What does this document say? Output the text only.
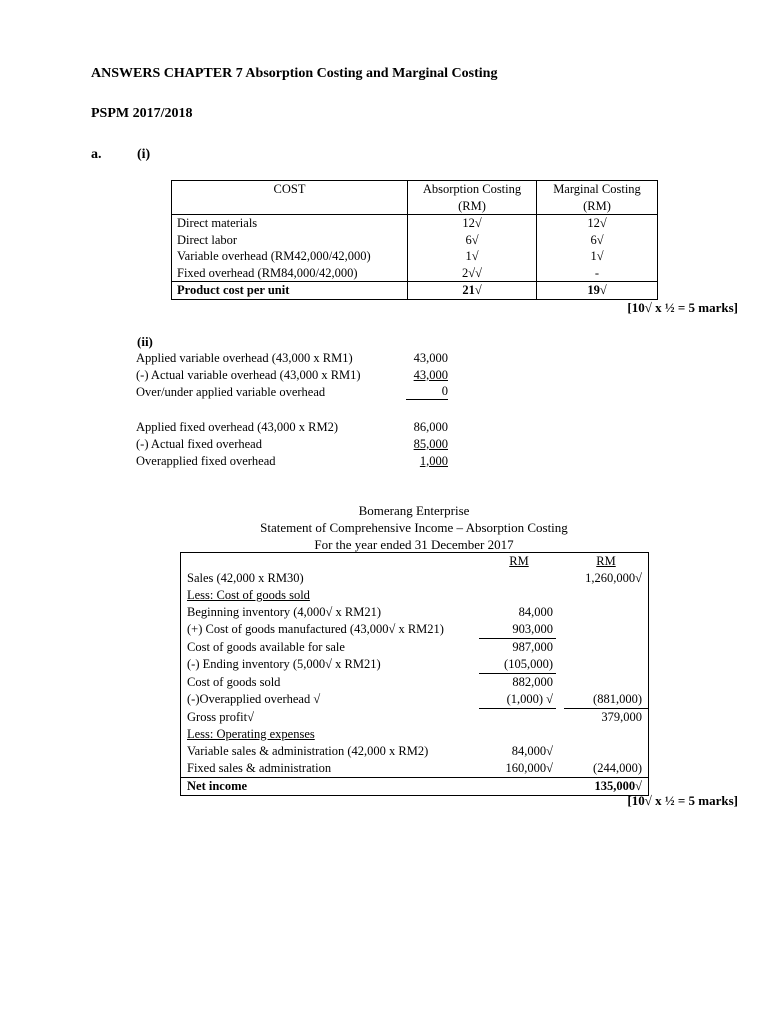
ANSWERS CHAPTER 7 Absorption Costing and Marginal Costing
PSPM 2017/2018
a.	(i)
COST	Absorption Costing (RM)	Marginal Costing (RM)
Direct materials	12√	12√
Direct labor	6√	6√
Variable overhead (RM42,000/42,000)	1√	1√
Fixed overhead (RM84,000/42,000)	2√√	-
Product cost per unit	21√	19√
[10√ x ½ = 5 marks]
(ii)
Applied variable overhead (43,000 x RM1)	43,000
(-) Actual variable overhead (43,000 x RM1)	43,000
Over/under applied variable overhead	0
Applied fixed overhead (43,000 x RM2)	86,000
(-) Actual fixed overhead	85,000
Overapplied fixed overhead	1,000
Bomerang Enterprise
Statement of Comprehensive Income – Absorption Costing
For the year ended 31 December 2017
	RM		RM
Sales (42,000 x RM30)			1,260,000√
Less: Cost of goods sold			
Beginning inventory (4,000√ x RM21)	84,000		
(+) Cost of goods manufactured (43,000√ x RM21)	903,000		
Cost of goods available for sale	987,000		
(-) Ending inventory (5,000√ x RM21)	(105,000)		
Cost of goods sold	882,000		
(-)Overapplied overhead √	(1,000) √		(881,000)
Gross profit√			379,000
Less: Operating expenses			
Variable sales & administration (42,000 x RM2)	84,000√		
Fixed sales & administration	160,000√		(244,000)
Net income			135,000√
[10√ x ½ = 5 marks]
